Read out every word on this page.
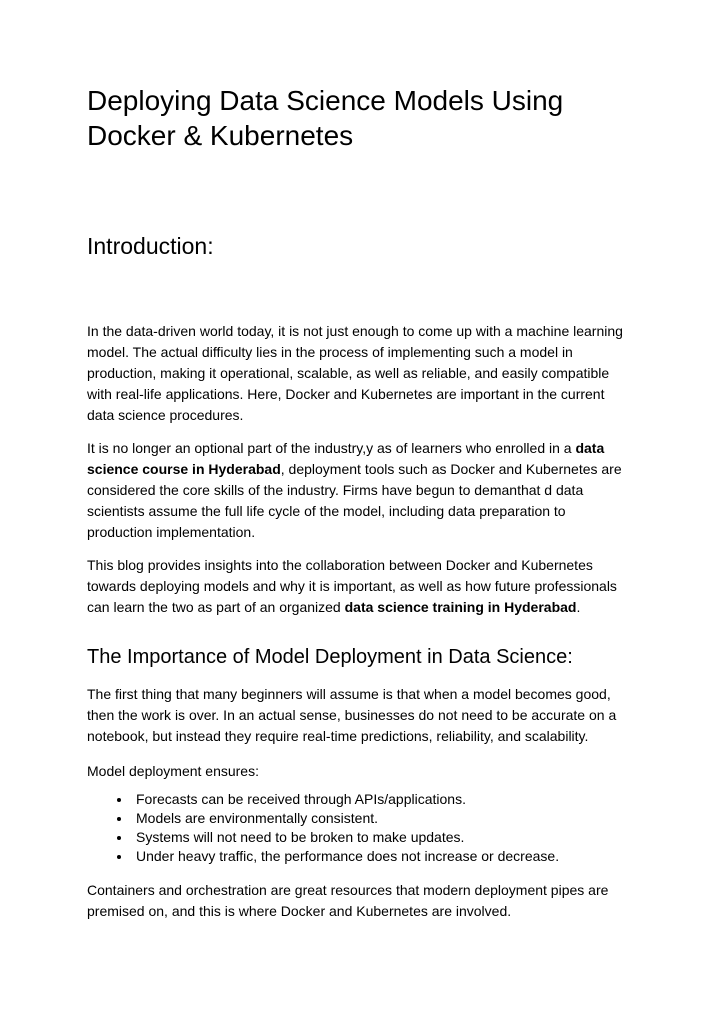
Deploying Data Science Models Using Docker & Kubernetes
Introduction:

In the data-driven world today, it is not just enough to come up with a machine learning model. The actual difficulty lies in the process of implementing such a model in production, making it operational, scalable, as well as reliable, and easily compatible with real-life applications. Here, Docker and Kubernetes are important in the current data science procedures.

It is no longer an optional part of the industry,y as of learners who enrolled in a data science course in Hyderabad, deployment tools such as Docker and Kubernetes are considered the core skills of the industry. Firms have begun to demanthat d data scientists assume the full life cycle of the model, including data preparation to production implementation.

This blog provides insights into the collaboration between Docker and Kubernetes towards deploying models and why it is important, as well as how future professionals can learn the two as part of an organized data science training in Hyderabad.

The Importance of Model Deployment in Data Science:

The first thing that many beginners will assume is that when a model becomes good, then the work is over. In an actual sense, businesses do not need to be accurate on a notebook, but instead they require real-time predictions, reliability, and scalability.

Model deployment ensures:

• Forecasts can be received through APIs/applications.
• Models are environmentally consistent.
• Systems will not need to be broken to make updates.
• Under heavy traffic, the performance does not increase or decrease.

Containers and orchestration are great resources that modern deployment pipes are premised on, and this is where Docker and Kubernetes are involved.
